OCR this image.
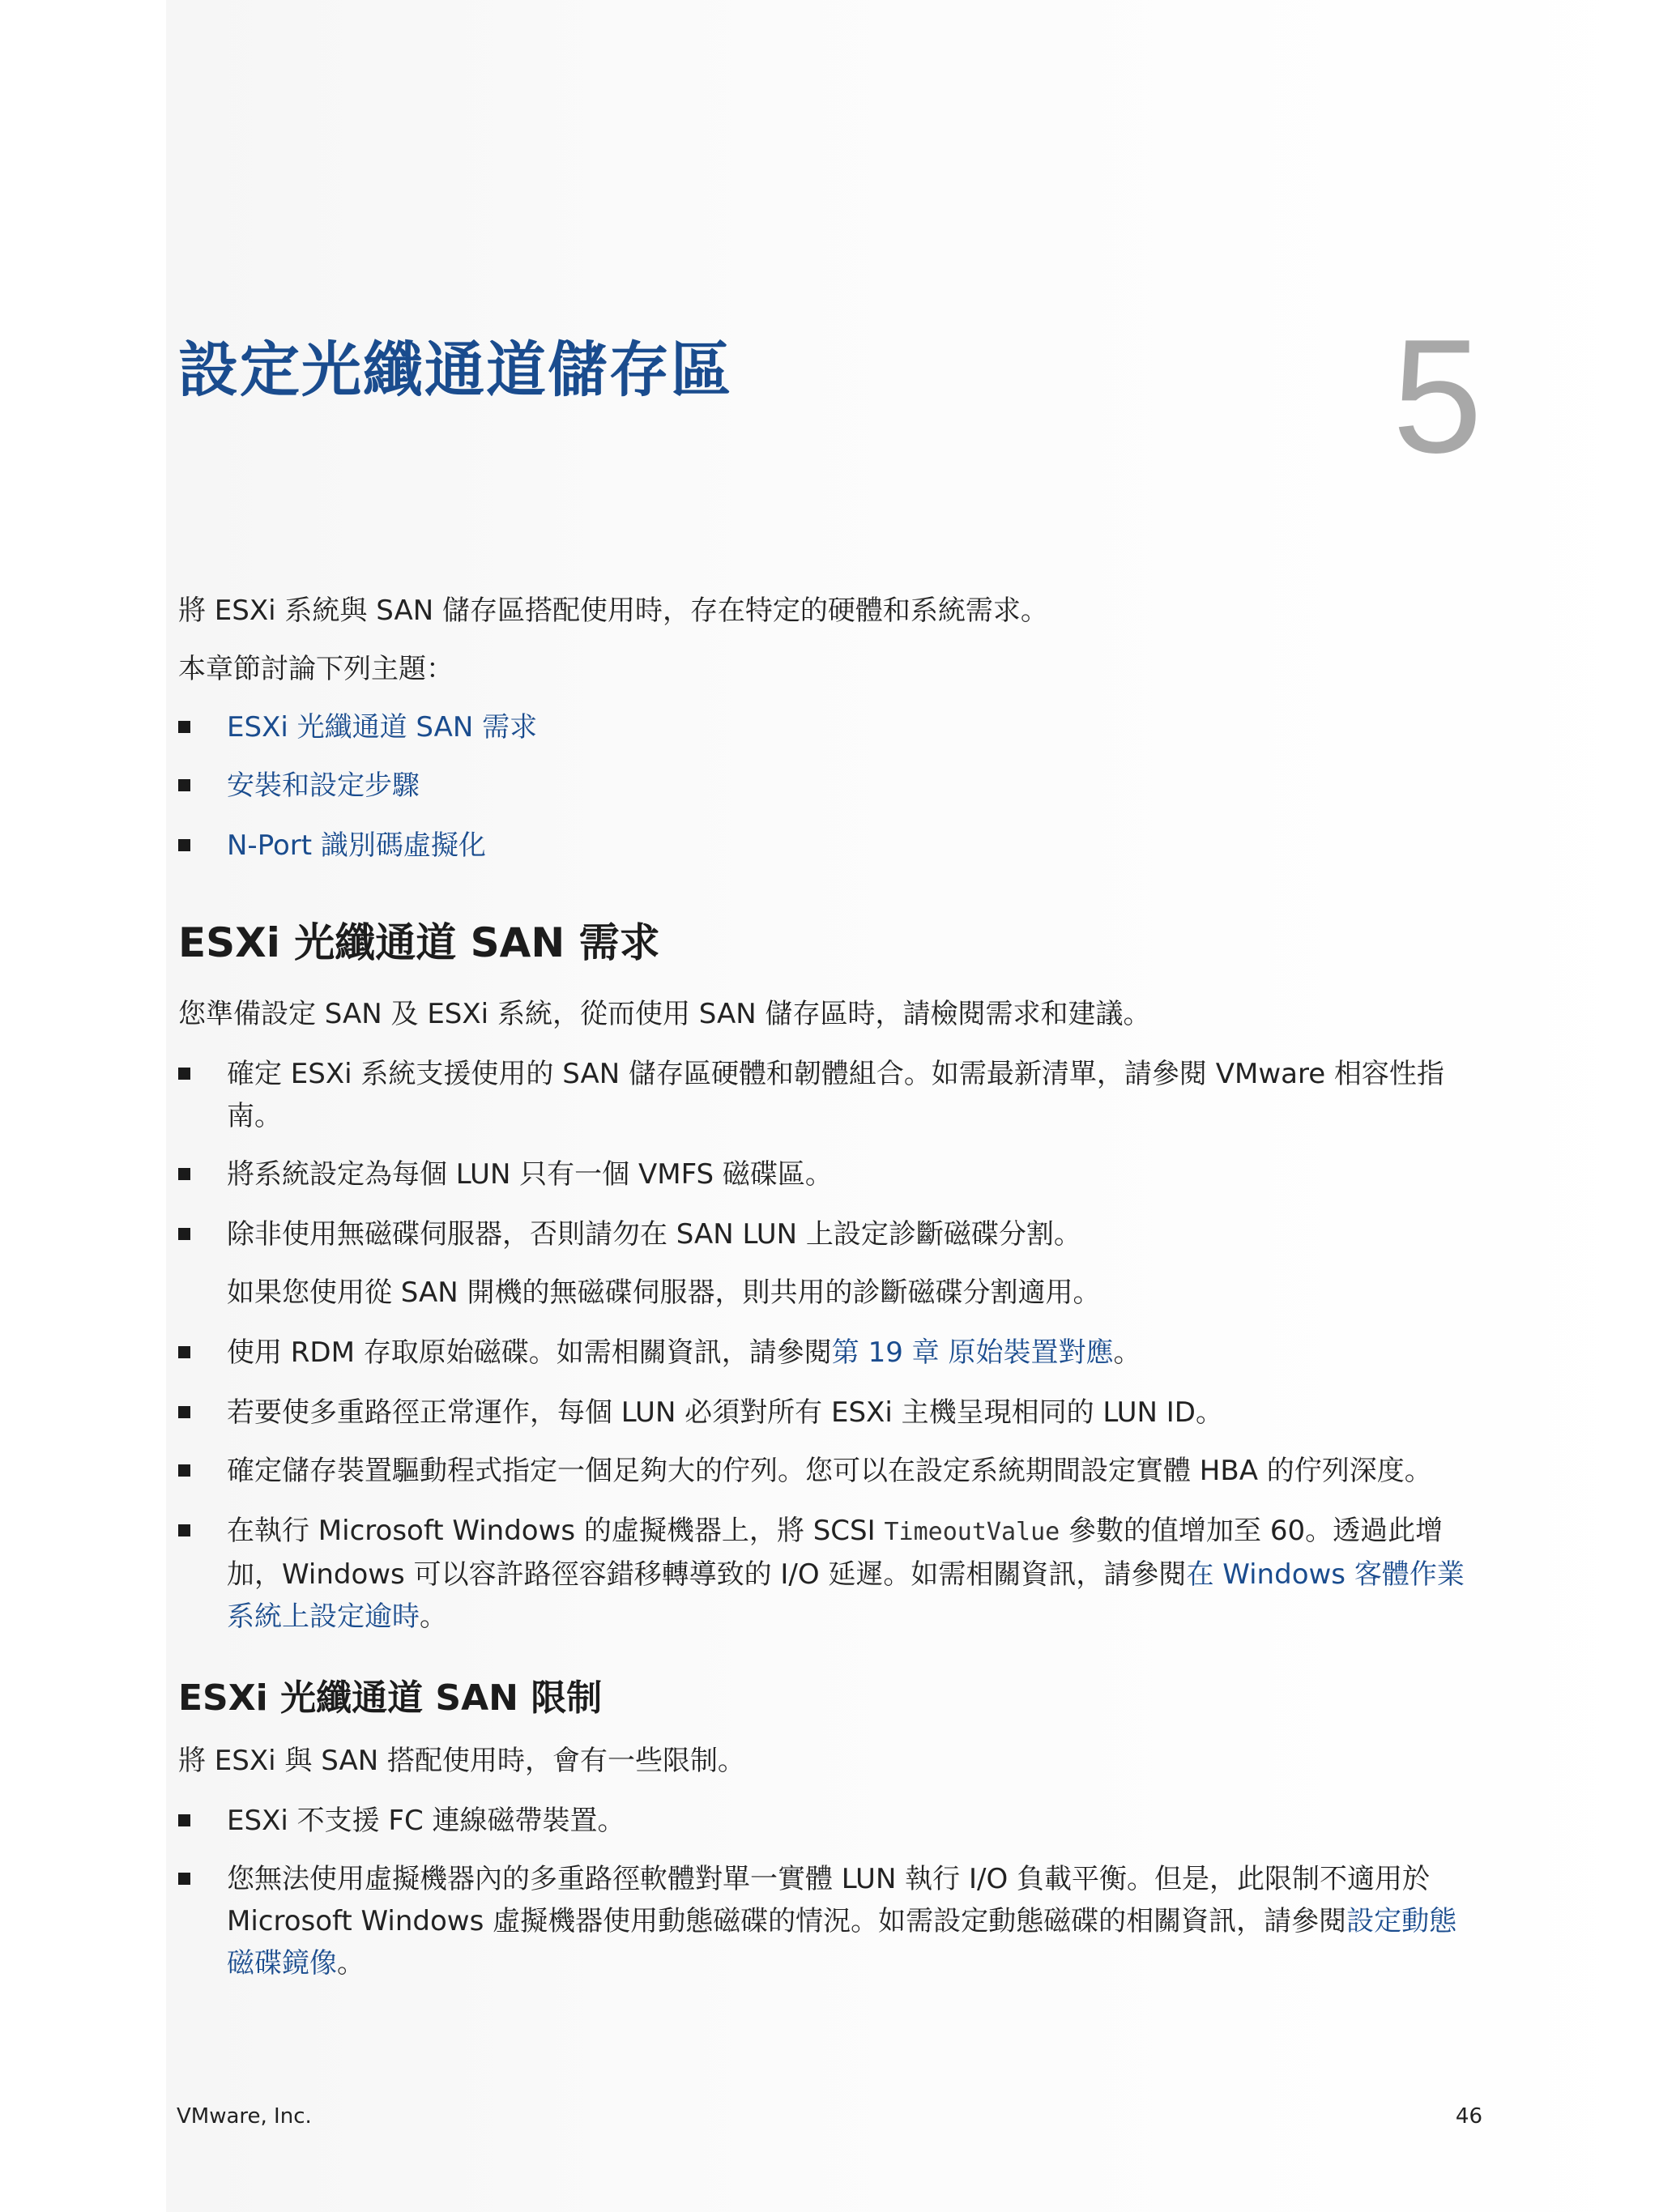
設定光纖通道儲存區	5

將 ESXi 系統與 SAN 儲存區搭配使用時，存在特定的硬體和系統需求。

本章節討論下列主題：

ESXi 光纖通道 SAN 需求
安裝和設定步驟
N-Port 識別碼虛擬化
ESXi 光纖通道 SAN 需求

您準備設定 SAN 及 ESXi 系統，從而使用 SAN 儲存區時，請檢閱需求和建議。

確定 ESXi 系統支援使用的 SAN 儲存區硬體和韌體組合。如需最新清單，請參閱 VMware 相容性指南。
將系統設定為每個 LUN 只有一個 VMFS 磁碟區。
除非使用無磁碟伺服器，否則請勿在 SAN LUN 上設定診斷磁碟分割。

如果您使用從 SAN 開機的無磁碟伺服器，則共用的診斷磁碟分割適用。

使用 RDM 存取原始磁碟。如需相關資訊，請參閱第 19 章 原始裝置對應。
若要使多重路徑正常運作，每個 LUN 必須對所有 ESXi 主機呈現相同的 LUN ID。
確定儲存裝置驅動程式指定一個足夠大的佇列。您可以在設定系統期間設定實體 HBA 的佇列深度。
在執行 Microsoft Windows 的虛擬機器上，將 SCSI TimeoutValue 參數的值增加至 60。透過此增加，Windows 可以容許路徑容錯移轉導致的 I/O 延遲。如需相關資訊，請參閱在 Windows 客體作業系統上設定逾時。
ESXi 光纖通道 SAN 限制

將 ESXi 與 SAN 搭配使用時，會有一些限制。

ESXi 不支援 FC 連線磁帶裝置。
您無法使用虛擬機器內的多重路徑軟體對單一實體 LUN 執行 I/O 負載平衡。但是，此限制不適用於 Microsoft Windows 虛擬機器使用動態磁碟的情況。如需設定動態磁碟的相關資訊，請參閱設定動態磁碟鏡像。
VMware, Inc.	46
